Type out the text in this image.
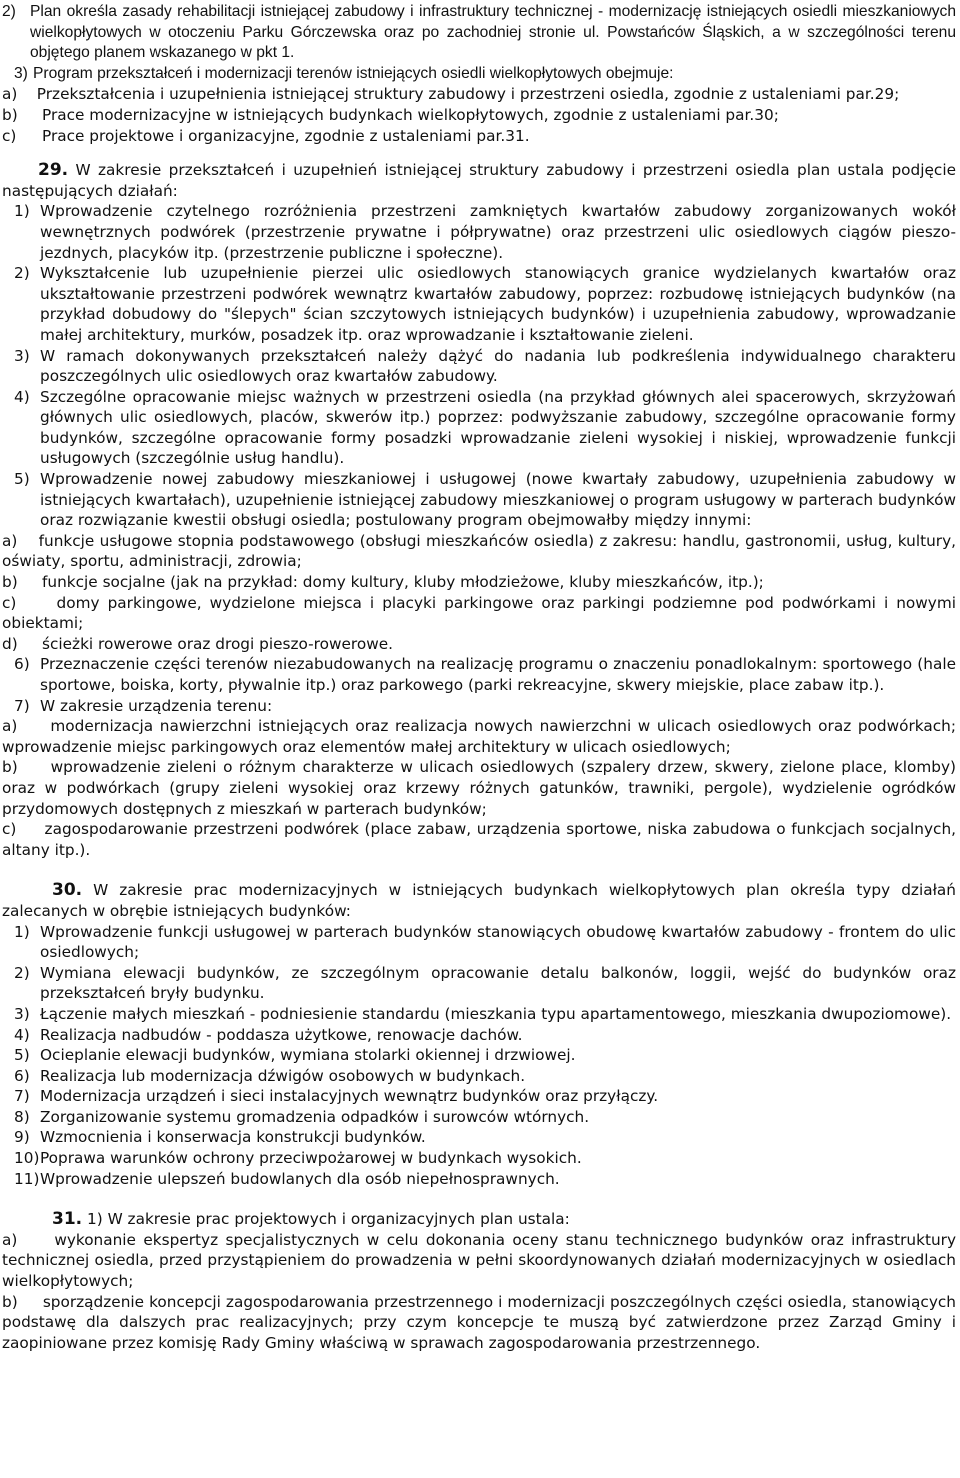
2) Plan określa zasady rehabilitacji istniejącej zabudowy i infrastruktury technicznej - modernizację istniejących osiedli mieszkaniowych wielkopłytowych w otoczeniu Parku Górczewska oraz po zachodniej stronie ul. Powstańców Śląskich, a w szczególności terenu objętego planem wskazanego w pkt 1.
3) Program przekształceń i modernizacji terenów istniejących osiedli wielkopłytowych obejmuje:
a) Przekształcenia i uzupełnienia istniejącej struktury zabudowy i przestrzeni osiedla, zgodnie z ustaleniami par.29;
b)	Prace modernizacyjne w istniejących budynkach wielkopłytowych, zgodnie z ustaleniami par.30;
c)	Prace projektowe i organizacyjne, zgodnie z ustaleniami par.31.
29. W zakresie przekształceń i uzupełnień istniejącej struktury zabudowy i przestrzeni osiedla plan ustala podjęcie następujących działań:
1) Wprowadzenie czytelnego rozróżnienia przestrzeni zamkniętych kwartałów zabudowy zorganizowanych wokół wewnętrznych podwórek (przestrzenie prywatne i półprywatne) oraz przestrzeni ulic osiedlowych ciągów pieszo-jezdnych, placyków itp. (przestrzenie publiczne i społeczne).
2) Wykształcenie lub uzupełnienie pierzei ulic osiedlowych stanowiących granice wydzielanych kwartałów oraz ukształtowanie przestrzeni podwórek wewnątrz kwartałów zabudowy, poprzez: rozbudowę istniejących budynków (na przykład dobudowy do "ślepych" ścian szczytowych istniejących budynków) i uzupełnienia zabudowy, wprowadzanie małej architektury, murków, posadzek itp. oraz wprowadzanie i kształtowanie zieleni.
3) W ramach dokonywanych przekształceń należy dążyć do nadania lub podkreślenia indywidualnego charakteru poszczególnych ulic osiedlowych oraz kwartałów zabudowy.
4) Szczególne opracowanie miejsc ważnych w przestrzeni osiedla (na przykład głównych alei spacerowych, skrzyżowań głównych ulic osiedlowych, placów, skwerów itp.) poprzez: podwyższanie zabudowy, szczególne opracowanie formy budynków, szczególne opracowanie formy posadzki wprowadzanie zieleni wysokiej i niskiej, wprowadzenie funkcji usługowych (szczególnie usług handlu).
5) Wprowadzenie nowej zabudowy mieszkaniowej i usługowej (nowe kwartały zabudowy, uzupełnienia zabudowy w istniejących kwartałach), uzupełnienie istniejącej zabudowy mieszkaniowej o program usługowy w parterach budynków oraz rozwiązanie kwestii obsługi osiedla; postulowany program obejmowałby między innymi:
a) funkcje usługowe stopnia podstawowego (obsługi mieszkańców osiedla) z zakresu: handlu, gastronomii, usług, kultury, oświaty, sportu, administracji, zdrowia;
b)	funkcje socjalne (jak na przykład: domy kultury, kluby młodzieżowe, kluby mieszkańców, itp.);
c)	domy parkingowe, wydzielone miejsca i placyki parkingowe oraz parkingi podziemne pod podwórkami i nowymi obiektami;
d)	ścieżki rowerowe oraz drogi pieszo-rowerowe.
6) Przeznaczenie części terenów niezabudowanych na realizację programu o znaczeniu ponadlokalnym: sportowego (hale sportowe, boiska, korty, pływalnie itp.) oraz parkowego (parki rekreacyjne, skwery miejskie, place zabaw itp.).
7) W zakresie urządzenia terenu:
a) modernizacja nawierzchni istniejących oraz realizacja nowych nawierzchni w ulicach osiedlowych oraz podwórkach; wprowadzenie miejsc parkingowych oraz elementów małej architektury w ulicach osiedlowych;
b) wprowadzenie zieleni o różnym charakterze w ulicach osiedlowych (szpalery drzew, skwery, zielone place, klomby) oraz w podwórkach (grupy zieleni wysokiej oraz krzewy różnych gatunków, trawniki, pergole), wydzielenie ogródków przydomowych dostępnych z mieszkań w parterach budynków;
c) zagospodarowanie przestrzeni podwórek (place zabaw, urządzenia sportowe, niska zabudowa o funkcjach socjalnych, altany itp.).
30. W zakresie prac modernizacyjnych w istniejących budynkach wielkopłytowych plan określa typy działań zalecanych w obrębie istniejących budynków:
1) Wprowadzenie funkcji usługowej w parterach budynków stanowiących obudowę kwartałów zabudowy - frontem do ulic osiedlowych;
2) Wymiana elewacji budynków, ze szczególnym opracowanie detalu balkonów, loggii, wejść do budynków oraz przekształceń bryły budynku.
3) Łączenie małych mieszkań - podniesienie standardu (mieszkania typu apartamentowego, mieszkania dwupoziomowe).
4) Realizacja nadbudów - poddasza użytkowe, renowacje dachów.
5) Ocieplanie elewacji budynków, wymiana stolarki okiennej i drzwiowej.
6) Realizacja lub modernizacja dźwigów osobowych w budynkach.
7) Modernizacja urządzeń i sieci instalacyjnych wewnątrz budynków oraz przyłączy.
8) Zorganizowanie systemu gromadzenia odpadków i surowców wtórnych.
9) Wzmocnienia i konserwacja konstrukcji budynków.
10) Poprawa warunków ochrony przeciwpożarowej w budynkach wysokich.
11) Wprowadzenie ulepszeń budowlanych dla osób niepełnosprawnych.
31. 1) W zakresie prac projektowych i organizacyjnych plan ustala:
a) wykonanie ekspertyz specjalistycznych w celu dokonania oceny stanu technicznego budynków oraz infrastruktury technicznej osiedla, przed przystąpieniem do prowadzenia w pełni skoordynowanych działań modernizacyjnych w osiedlach wielkopłytowych;
b) sporządzenie koncepcji zagospodarowania przestrzennego i modernizacji poszczególnych części osiedla, stanowiących podstawę dla dalszych prac realizacyjnych; przy czym koncepcje te muszą być zatwierdzone przez Zarząd Gminy i zaopiniowane przez komisję Rady Gminy właściwą w sprawach zagospodarowania przestrzennego.
